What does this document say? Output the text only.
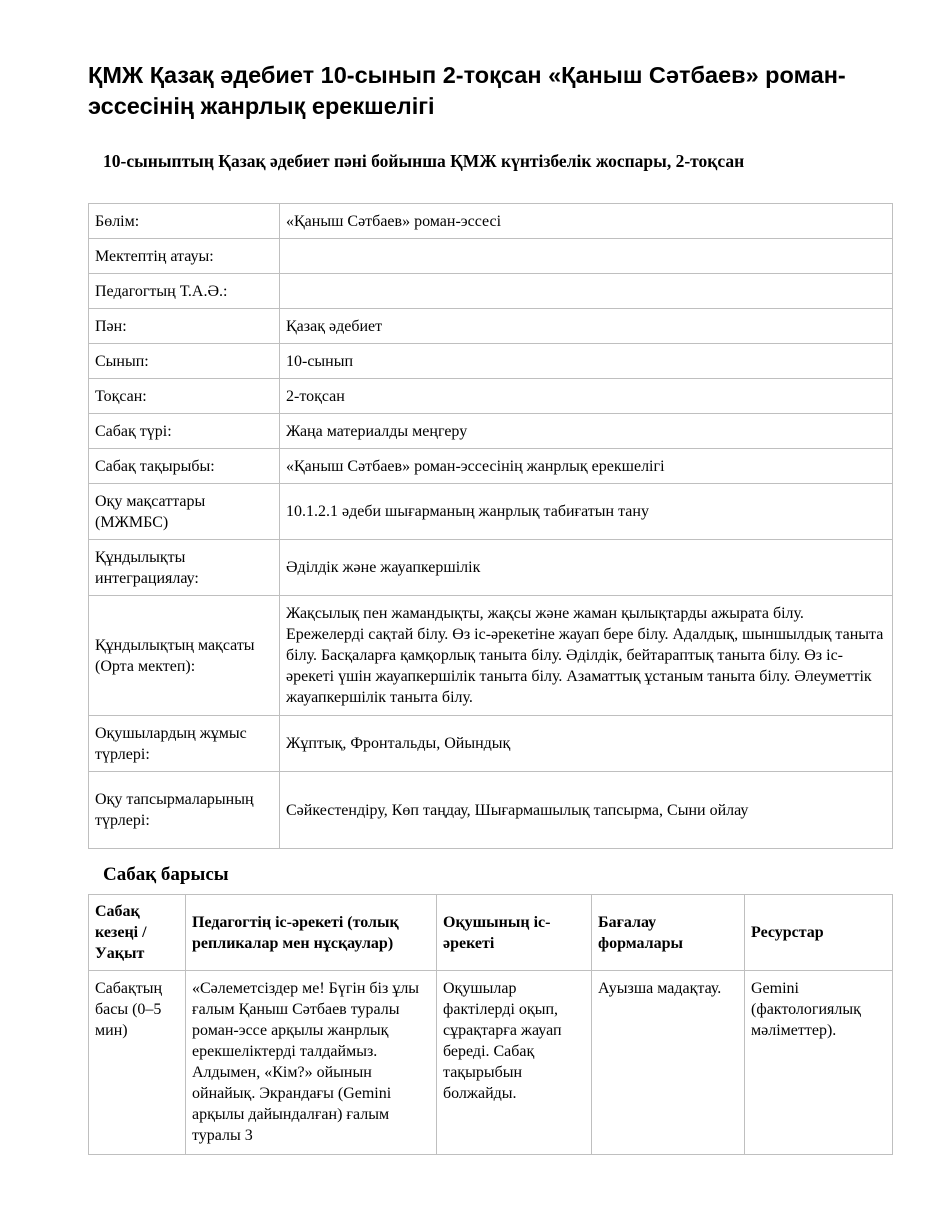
ҚМЖ Қазақ әдебиет 10-сынып 2-тоқсан «Қаныш Сәтбаев» роман-эссесінің жанрлық ерекшелігі
10-сыныптың Қазақ әдебиет пәні бойынша ҚМЖ күнтізбелік жоспары, 2-тоқсан
Бөлім:	«Қаныш Сәтбаев» роман-эссесі
Мектептің атауы:	
Педагогтың Т.А.Ә.:	
Пән:	Қазақ әдебиет
Сынып:	10-сынып
Тоқсан:	2-тоқсан
Сабақ түрі:	Жаңа материалды меңгеру
Сабақ тақырыбы:	«Қаныш Сәтбаев» роман-эссесінің жанрлық ерекшелігі
Оқу мақсаттары (МЖМБС)	10.1.2.1 әдеби шығарманың жанрлық табиғатын тану
Құндылықты интеграциялау:	Әділдік және жауапкершілік
Құндылықтың мақсаты (Орта мектеп):	Жақсылық пен жамандықты, жақсы және жаман қылықтарды ажырата білу. Ережелерді сақтай білу. Өз іс-әрекетіне жауап бере білу. Адалдық, шыншылдық таныта білу. Басқаларға қамқорлық таныта білу. Әділдік, бейтараптық таныта білу. Өз іс-әрекеті үшін жауапкершілік таныта білу. Азаматтық ұстаным таныта білу. Әлеуметтік жауапкершілік таныта білу.
Оқушылардың жұмыс түрлері:	Жұптық, Фронтальды, Ойындық
Оқу тапсырмаларының түрлері:	Сәйкестендіру, Көп таңдау, Шығармашылық тапсырма, Сыни ойлау
Сабақ барысы
Сабақ кезеңі / Уақыт	Педагогтің іс-әрекеті (толық репликалар мен нұсқаулар)	Оқушының іс-әрекеті	Бағалау формалары	Ресурстар

Сабақтың басы (0–5 мин)	«Сәлеметсіздер ме! Бүгін біз ұлы ғалым Қаныш Сәтбаев туралы роман-эссе арқылы жанрлық ерекшеліктерді талдаймыз. Алдымен, «Кім?» ойынын ойнайық. Экрандағы (Gemini арқылы дайындалған) ғалым туралы 3	Оқушылар фактілерді оқып, сұрақтарға жауап береді. Сабақ тақырыбын болжайды.	Ауызша мадақтау.	Gemini (фактологиялық мәліметтер).
